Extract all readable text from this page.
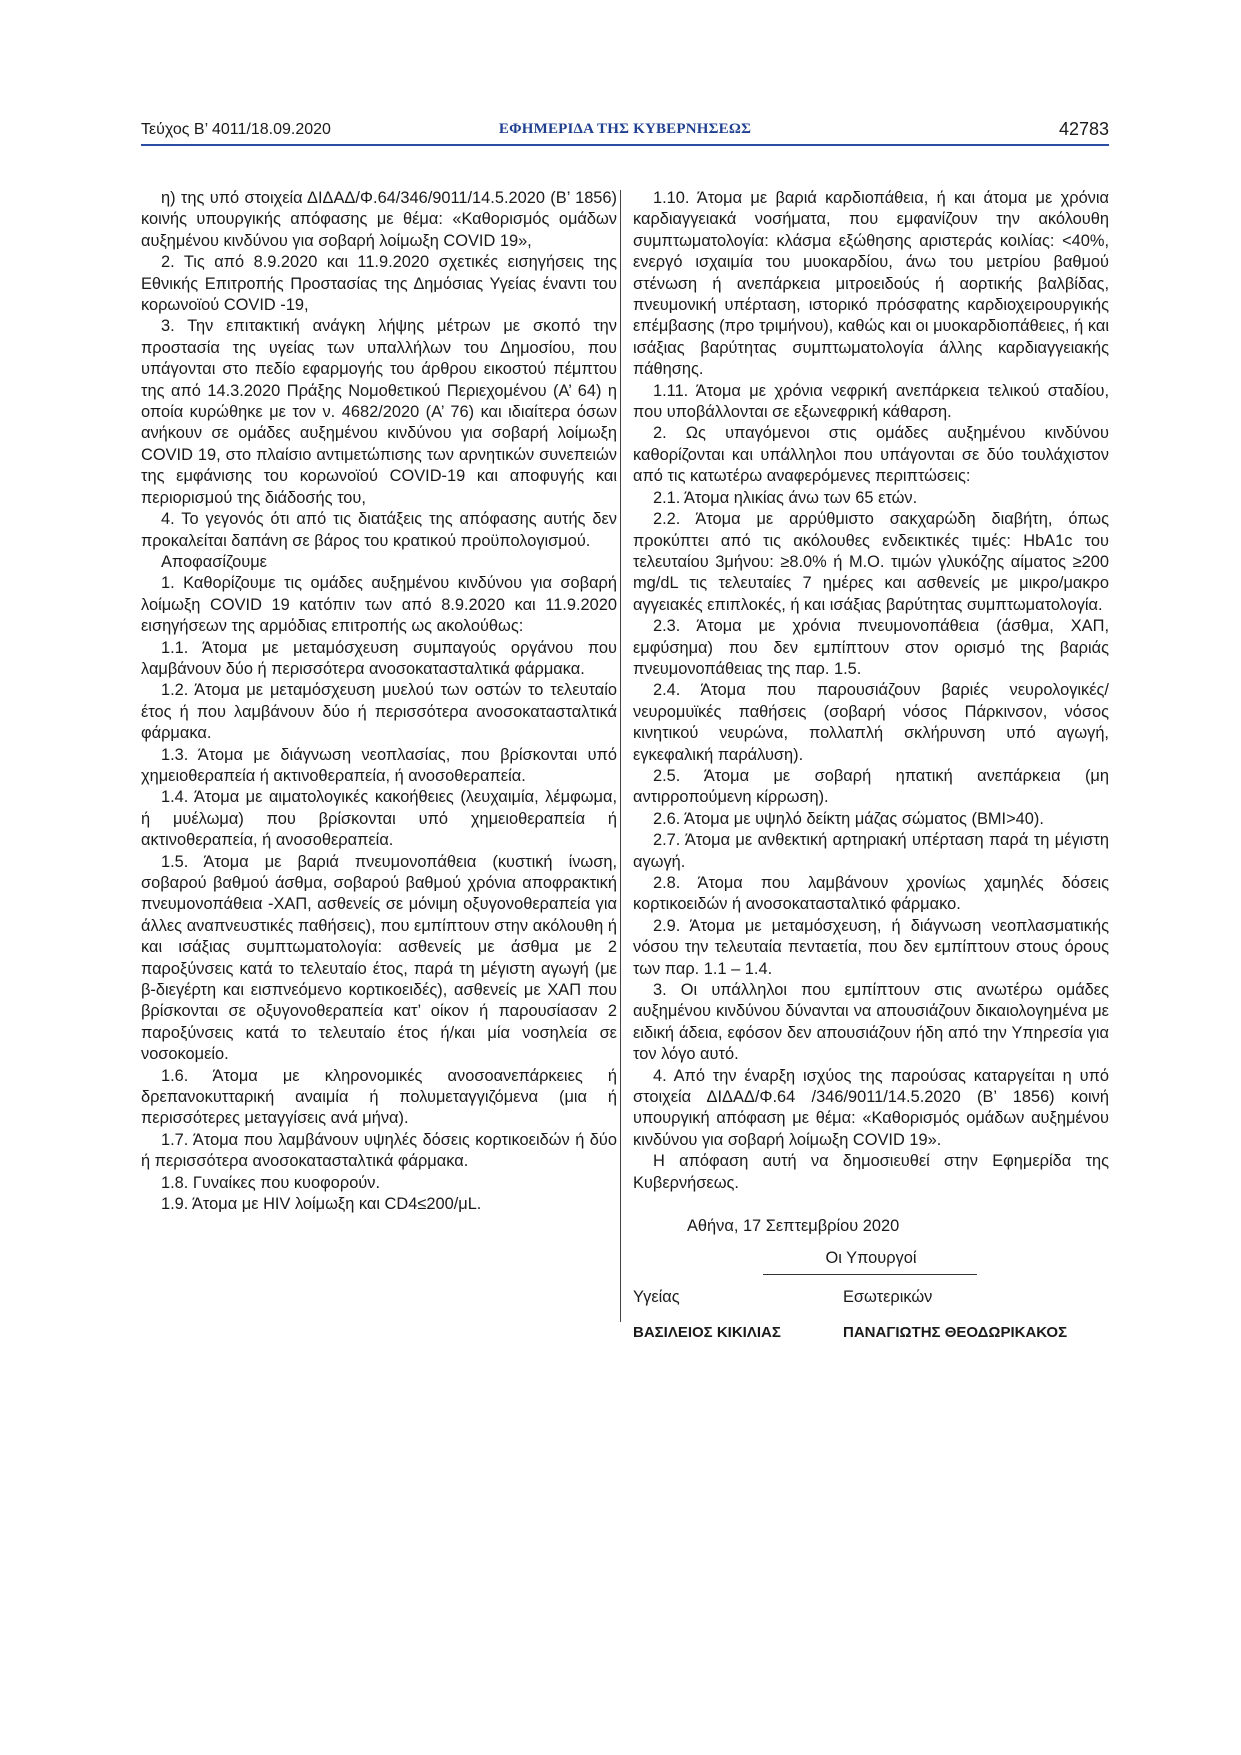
Τεύχος Β’ 4011/18.09.2020	ΕΦΗΜΕΡΙΔΑ ΤΗΣ ΚΥΒΕΡΝΗΣΕΩΣ	42783

η) της υπό στοιχεία ΔΙΔΑΔ/Φ.64/346/9011/14.5.2020 (Β’ 1856) κοινής υπουργικής απόφασης με θέμα: «Καθορισμός ομάδων αυξημένου κινδύνου για σοβαρή λοίμωξη COVID 19»,

2. Τις από 8.9.2020 και 11.9.2020 σχετικές εισηγήσεις της Εθνικής Επιτροπής Προστασίας της Δημόσιας Υγείας έναντι του κορωνοϊού COVID -19,

3. Την επιτακτική ανάγκη λήψης μέτρων με σκοπό την προστασία της υγείας των υπαλλήλων του Δημοσίου, που υπάγονται στο πεδίο εφαρμογής του άρθρου εικοστού πέμπτου της από 14.3.2020 Πράξης Νομοθετικού Περιεχομένου (Α’ 64) η οποία κυρώθηκε με τον ν. 4682/2020 (Α’ 76) και ιδιαίτερα όσων ανήκουν σε ομάδες αυξημένου κινδύνου για σοβαρή λοίμωξη COVID 19, στο πλαίσιο αντιμετώπισης των αρνητικών συνεπειών της εμφάνισης του κορωνοϊού COVID-19 και αποφυγής και περιορισμού της διάδοσής του,

4. Το γεγονός ότι από τις διατάξεις της απόφασης αυτής δεν προκαλείται δαπάνη σε βάρος του κρατικού προϋπολογισμού.

Αποφασίζουμε

1. Καθορίζουμε τις ομάδες αυξημένου κινδύνου για σοβαρή λοίμωξη COVID 19 κατόπιν των από 8.9.2020 και 11.9.2020 εισηγήσεων της αρμόδιας επιτροπής ως ακολούθως:

1.1. Άτομα με μεταμόσχευση συμπαγούς οργάνου που λαμβάνουν δύο ή περισσότερα ανοσοκατασταλτικά φάρμακα.

1.2. Άτομα με μεταμόσχευση μυελού των οστών το τελευταίο έτος ή που λαμβάνουν δύο ή περισσότερα ανοσοκατασταλτικά φάρμακα.

1.3. Άτομα με διάγνωση νεοπλασίας, που βρίσκονται υπό χημειοθεραπεία ή ακτινοθεραπεία, ή ανοσοθεραπεία.

1.4. Άτομα με αιματολογικές κακοήθειες (λευχαιμία, λέμφωμα, ή μυέλωμα) που βρίσκονται υπό χημειοθεραπεία ή ακτινοθεραπεία, ή ανοσοθεραπεία.

1.5. Άτομα με βαριά πνευμονοπάθεια (κυστική ίνωση, σοβαρού βαθμού άσθμα, σοβαρού βαθμού χρόνια αποφρακτική πνευμονοπάθεια -ΧΑΠ, ασθενείς σε μόνιμη οξυγονοθεραπεία για άλλες αναπνευστικές παθήσεις), που εμπίπτουν στην ακόλουθη ή και ισάξιας συμπτωματολογία: ασθενείς με άσθμα με 2 παροξύνσεις κατά το τελευταίο έτος, παρά τη μέγιστη αγωγή (με β-διεγέρτη και εισπνεόμενο κορτικοειδές), ασθενείς με ΧΑΠ που βρίσκονται σε οξυγονοθεραπεία κατ’ οίκον ή παρουσίασαν 2 παροξύνσεις κατά το τελευταίο έτος ή/και μία νοσηλεία σε νοσοκομείο.

1.6. Άτομα με κληρονομικές ανοσοανεπάρκειες ή δρεπανοκυτταρική αναιμία ή πολυμεταγγιζόμενα (μια ή περισσότερες μεταγγίσεις ανά μήνα).

1.7. Άτομα που λαμβάνουν υψηλές δόσεις κορτικοειδών ή δύο ή περισσότερα ανοσοκατασταλτικά φάρμακα.

1.8. Γυναίκες που κυοφορούν.

1.9. Άτομα με HIV λοίμωξη και CD4≤200/μL.

1.10. Άτομα με βαριά καρδιοπάθεια, ή και άτομα με χρόνια καρδιαγγειακά νοσήματα, που εμφανίζουν την ακόλουθη συμπτωματολογία: κλάσμα εξώθησης αριστεράς κοιλίας: <40%, ενεργό ισχαιμία του μυοκαρδίου, άνω του μετρίου βαθμού στένωση ή ανεπάρκεια μιτροειδούς ή αορτικής βαλβίδας, πνευμονική υπέρταση, ιστορικό πρόσφατης καρδιοχειρουργικής επέμβασης (προ τριμήνου), καθώς και οι μυοκαρδιοπάθειες, ή και ισάξιας βαρύτητας συμπτωματολογία άλλης καρδιαγγειακής πάθησης.

1.11. Άτομα με χρόνια νεφρική ανεπάρκεια τελικού σταδίου, που υποβάλλονται σε εξωνεφρική κάθαρση.

2. Ως υπαγόμενοι στις ομάδες αυξημένου κινδύνου καθορίζονται και υπάλληλοι που υπάγονται σε δύο τουλάχιστον από τις κατωτέρω αναφερόμενες περιπτώσεις:

2.1. Άτομα ηλικίας άνω των 65 ετών.

2.2. Άτομα με αρρύθμιστο σακχαρώδη διαβήτη, όπως προκύπτει από τις ακόλουθες ενδεικτικές τιμές: HbA1c του τελευταίου 3μήνου: ≥8.0% ή Μ.Ο. τιμών γλυκόζης αίματος ≥200 mg/dL τις τελευταίες 7 ημέρες και ασθενείς με μικρο/μακρο αγγειακές επιπλοκές, ή και ισάξιας βαρύτητας συμπτωματολογία.

2.3. Άτομα με χρόνια πνευμονοπάθεια (άσθμα, ΧΑΠ, εμφύσημα) που δεν εμπίπτουν στον ορισμό της βαριάς πνευμονοπάθειας της παρ. 1.5.

2.4. Άτομα που παρουσιάζουν βαριές νευρολογικές/νευρομυϊκές παθήσεις (σοβαρή νόσος Πάρκινσον, νόσος κινητικού νευρώνα, πολλαπλή σκλήρυνση υπό αγωγή, εγκεφαλική παράλυση).

2.5. Άτομα με σοβαρή ηπατική ανεπάρκεια (μη αντιρροπούμενη κίρρωση).

2.6. Άτομα με υψηλό δείκτη μάζας σώματος (BMI>40).

2.7. Άτομα με ανθεκτική αρτηριακή υπέρταση παρά τη μέγιστη αγωγή.

2.8. Άτομα που λαμβάνουν χρονίως χαμηλές δόσεις κορτικοειδών ή ανοσοκατασταλτικό φάρμακο.

2.9. Άτομα με μεταμόσχευση, ή διάγνωση νεοπλασματικής νόσου την τελευταία πενταετία, που δεν εμπίπτουν στους όρους των παρ. 1.1 – 1.4.

3. Οι υπάλληλοι που εμπίπτουν στις ανωτέρω ομάδες αυξημένου κινδύνου δύνανται να απουσιάζουν δικαιολογημένα με ειδική άδεια, εφόσον δεν απουσιάζουν ήδη από την Υπηρεσία για τον λόγο αυτό.

4. Από την έναρξη ισχύος της παρούσας καταργείται η υπό στοιχεία ΔΙΔΑΔ/Φ.64 /346/9011/14.5.2020 (Β’ 1856) κοινή υπουργική απόφαση με θέμα: «Καθορισμός ομάδων αυξημένου κινδύνου για σοβαρή λοίμωξη COVID 19».

Η απόφαση αυτή να δημοσιευθεί στην Εφημερίδα της Κυβερνήσεως.

Αθήνα, 17 Σεπτεμβρίου 2020

Οι Υπουργοί
Υγείας	Εσωτερικών
ΒΑΣΙΛΕΙΟΣ ΚΙΚΙΛΙΑΣ	ΠΑΝΑΓΙΩΤΗΣ ΘΕΟΔΩΡΙΚΑΚΟΣ
